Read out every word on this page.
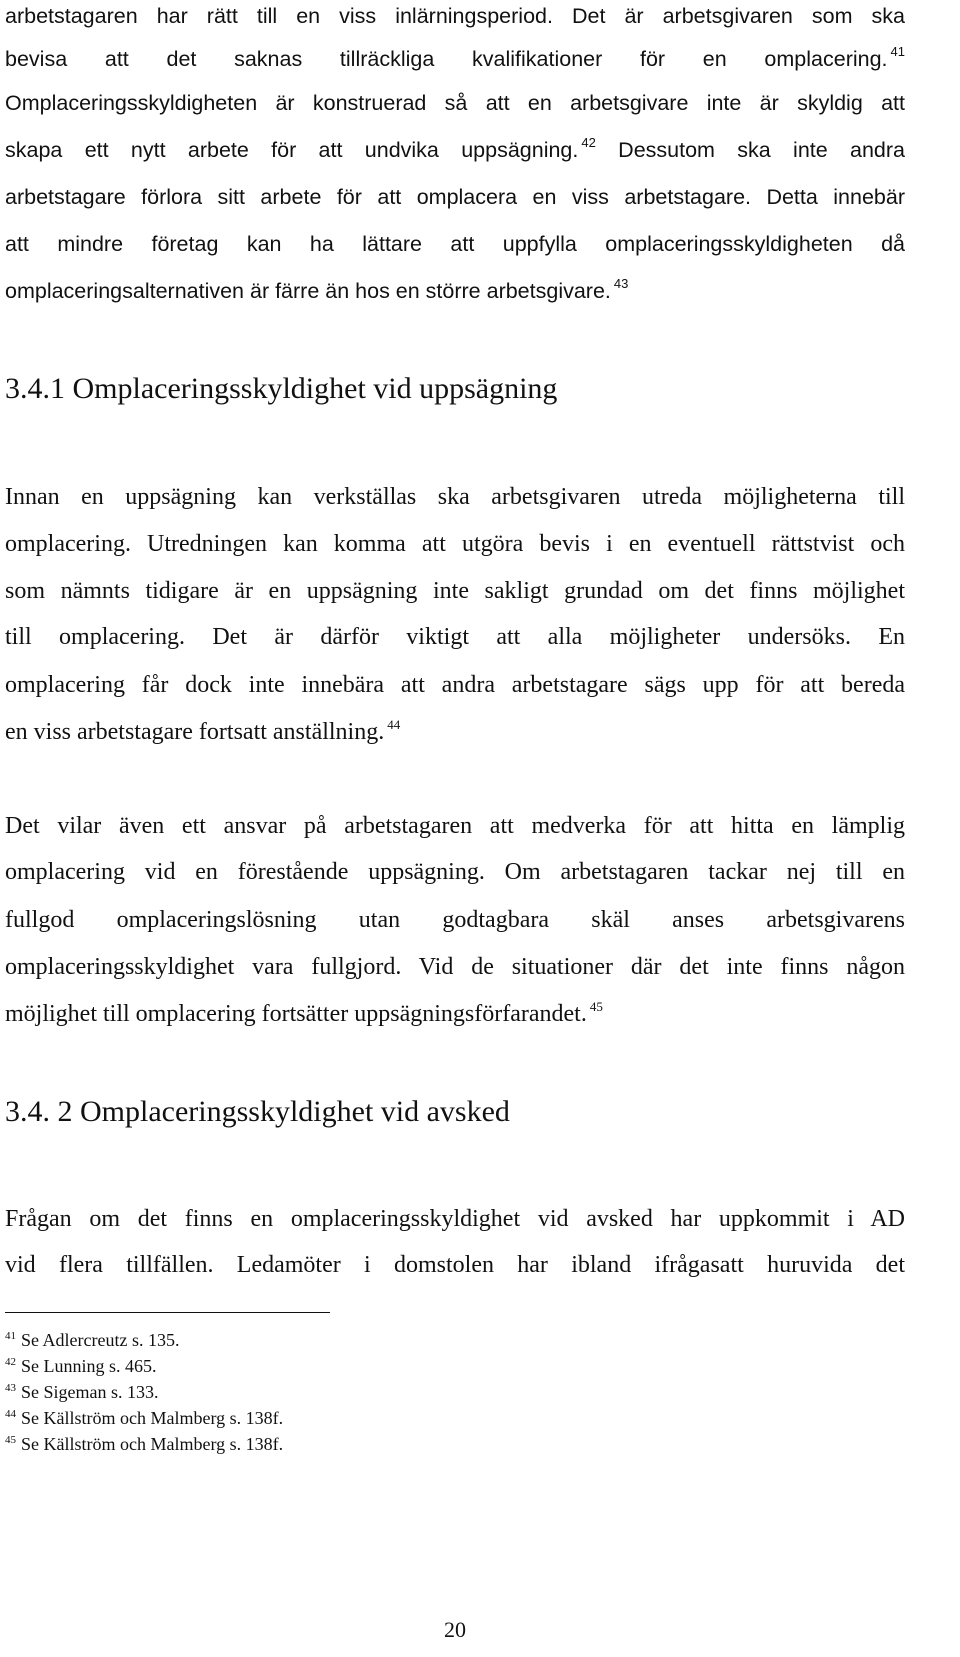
arbetstagaren har rätt till en viss inlärningsperiod. Det är arbetsgivaren som ska
bevisa att det saknas tillräckliga kvalifikationer för en omplacering. $^{41}$
Omplaceringsskyldigheten är konstruerad så att en arbetsgivare inte är skyldig att
skapa ett nytt arbete för att undvika uppsägning. $^{42}$ Dessutom ska inte andra
arbetstagare förlora sitt arbete för att omplacera en viss arbetstagare. Detta innebär
att mindre företag kan ha lättare att uppfylla omplaceringsskyldigheten då
omplaceringsalternativen är färre än hos en större arbetsgivare. $^{43}$
3.4.1 Omplaceringsskyldighet vid uppsägning
Innan en uppsägning kan verkställas ska arbetsgivaren utreda möjligheterna till
omplacering. Utredningen kan komma att utgöra bevis i en eventuell rättstvist och
som nämnts tidigare är en uppsägning inte sakligt grundad om det finns möjlighet
till omplacering. Det är därför viktigt att alla möjligheter undersöks. En
omplacering får dock inte innebära att andra arbetstagare sägs upp för att bereda
en viss arbetstagare fortsatt anställning. $^{44}$
Det vilar även ett ansvar på arbetstagaren att medverka för att hitta en lämplig
omplacering vid en förestående uppsägning. Om arbetstagaren tackar nej till en
fullgod omplaceringslösning utan godtagbara skäl anses arbetsgivarens
omplaceringsskyldighet vara fullgjord. Vid de situationer där det inte finns någon
möjlighet till omplacering fortsätter uppsägningsförfarandet. $^{45}$
3.4. 2 Omplaceringsskyldighet vid avsked
Frågan om det finns en omplaceringsskyldighet vid avsked har uppkommit i AD
vid flera tillfällen. Ledamöter i domstolen har ibland ifrågasatt huruvida det
$^{41}$ Se Adlercreutz s. 135.
$^{42}$ Se Lunning s. 465.
$^{43}$ Se Sigeman s. 133.
$^{44}$ Se Källström och Malmberg s. 138f.
$^{45}$ Se Källström och Malmberg s. 138f.
20
